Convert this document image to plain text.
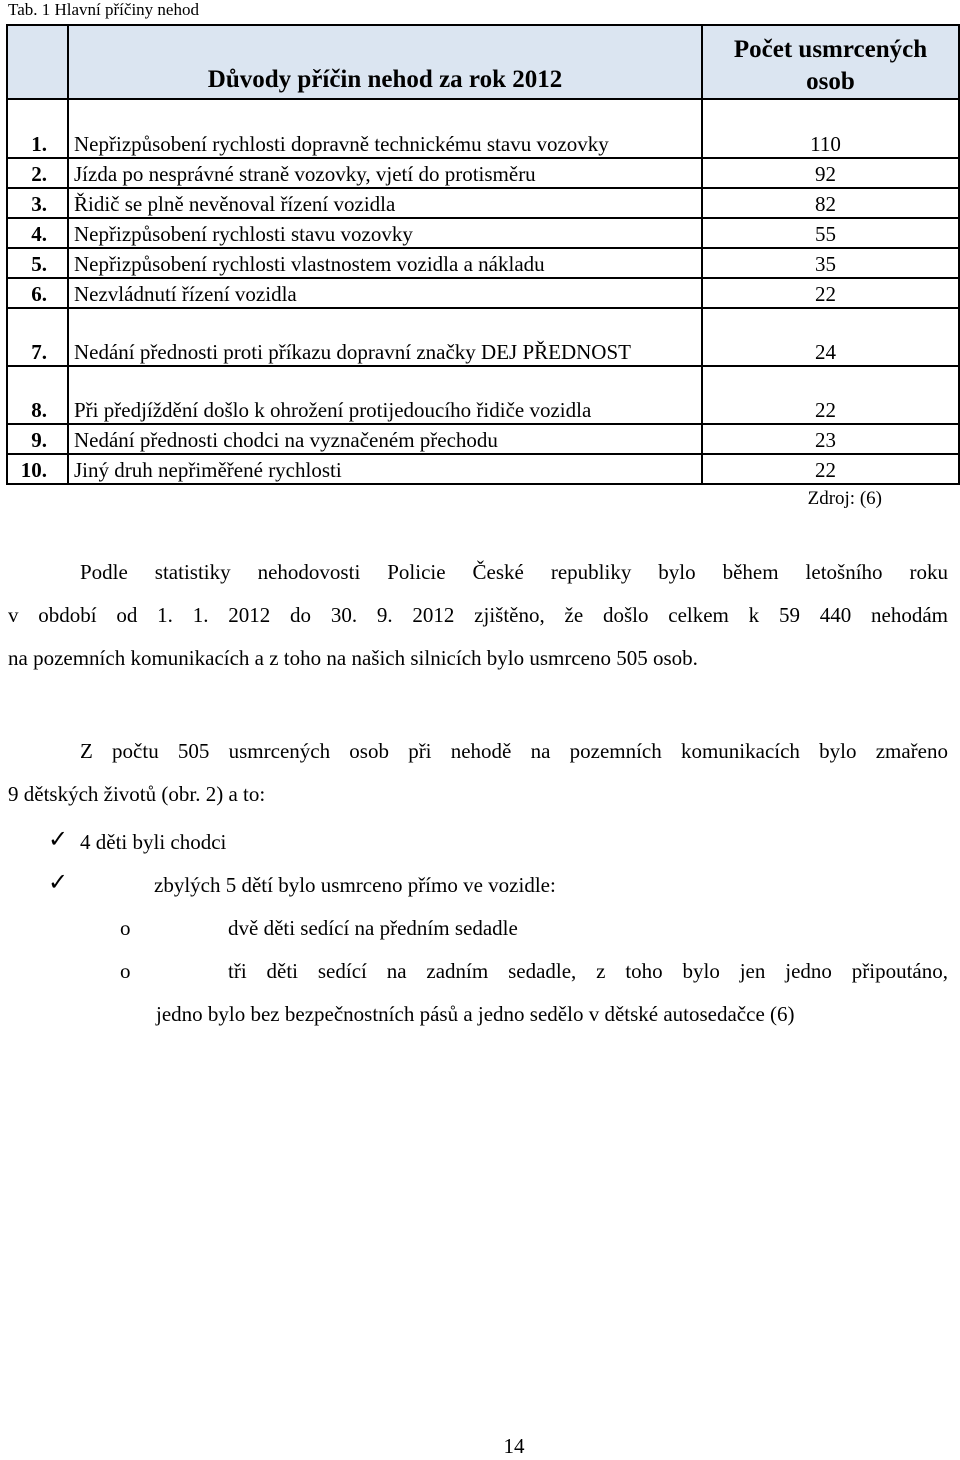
Tab. 1 Hlavní příčiny nehod
	Důvody příčin nehod za rok 2012	Počet usmrcených
osob
1.	Nepřizpůsobení rychlosti dopravně technickému stavu vozovky	110
2.	Jízda po nesprávné straně vozovky, vjetí do protisměru	92
3.	Řidič se plně nevěnoval řízení vozidla	82
4.	Nepřizpůsobení rychlosti stavu vozovky	55
5.	Nepřizpůsobení rychlosti vlastnostem vozidla a nákladu	35
6.	Nezvládnutí řízení vozidla	22
7.	Nedání přednosti proti příkazu dopravní značky DEJ PŘEDNOST	24
8.	Při předjíždění došlo k ohrožení protijedoucího řidiče vozidla	22
9.	Nedání přednosti chodci na vyznačeném přechodu	23
10.	Jiný druh nepřiměřené rychlosti	22
Zdroj: (6)
Podle statistiky nehodovosti Policie České republiky bylo během letošního roku
v období od 1. 1. 2012 do 30. 9. 2012 zjištěno, že došlo celkem k 59 440 nehodám
na pozemních komunikacích a z toho na našich silnicích bylo usmrceno 505 osob.
Z počtu 505 usmrcených osob při nehodě na pozemních komunikacích bylo zmařeno
9 dětských životů (obr. 2) a to:
✓ 4 děti byli chodci
✓	zbylých 5 dětí bylo usmrceno přímo ve vozidle:
o	dvě děti sedící na předním sedadle
o	tři děti sedící na zadním sedadle, z toho bylo jen jedno připoutáno,
jedno bylo bez bezpečnostních pásů a jedno sedělo v dětské autosedačce (6)
14
